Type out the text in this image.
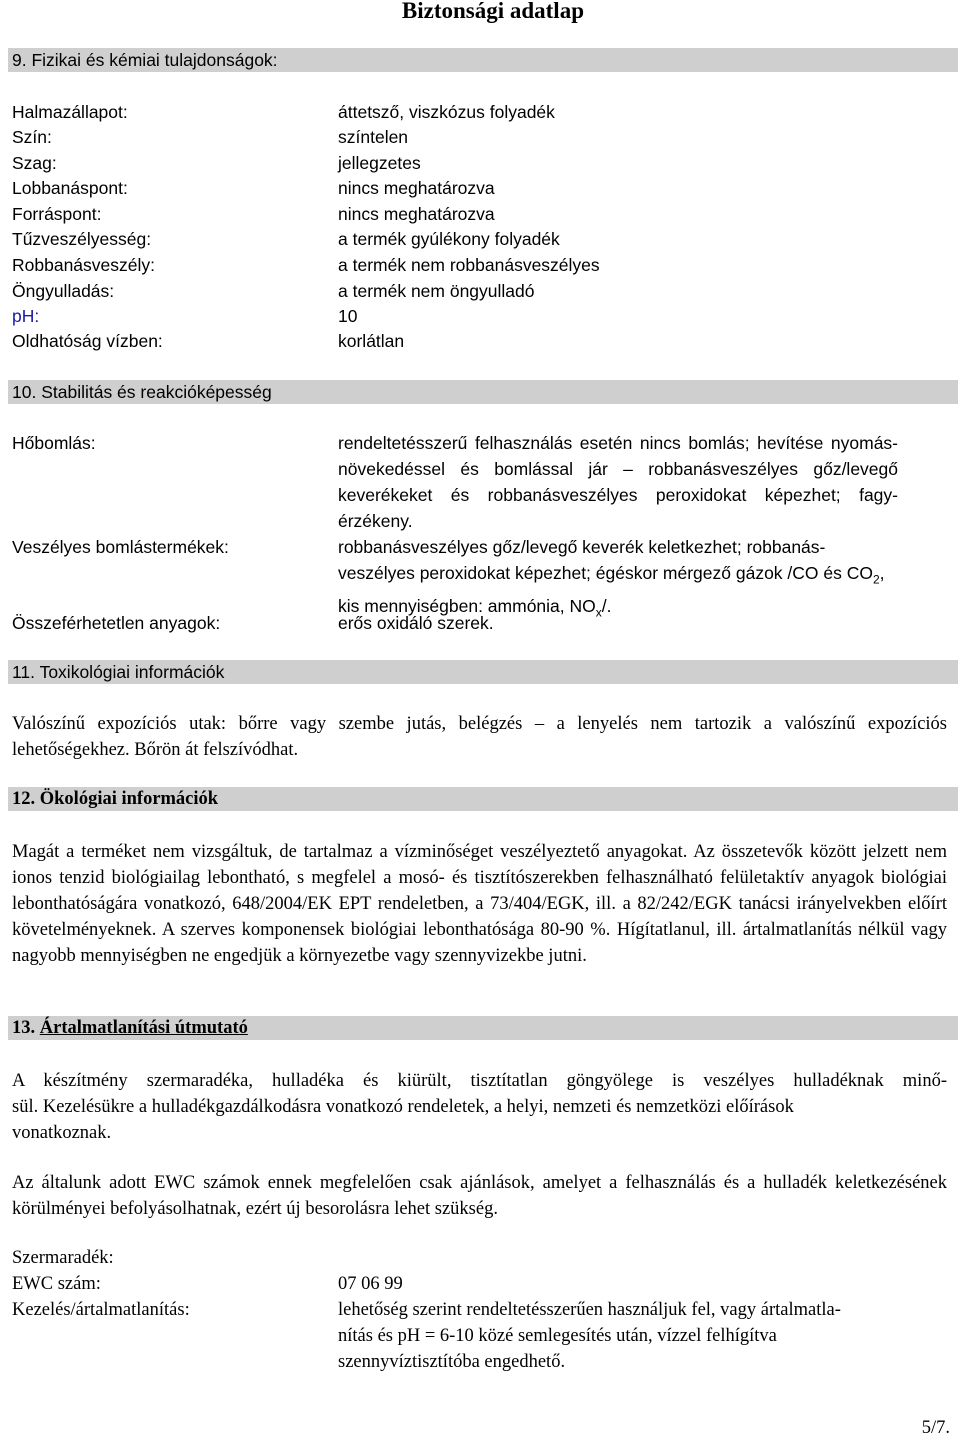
Biztonsági adatlap
9. Fizikai és kémiai tulajdonságok:
Halmazállapot:	áttetsző, viszkózus folyadék
Szín:	színtelen
Szag:	jellegzetes
Lobbanáspont:	nincs meghatározva
Forráspont:	nincs meghatározva
Tűzveszélyesség:	a termék gyúlékony folyadék
Robbanásveszély:	a termék nem robbanásveszélyes
Öngyulladás:	a termék nem öngyulladó
pH:	10
Oldhatóság vízben:	korlátlan
10. Stabilitás és reakcióképesség
Hőbomlás:	rendeltetésszerű felhasználás esetén nincs bomlás; hevítése nyomás-növekedéssel és bomlással jár – robbanásveszélyes gőz/levegő keverékeket és robbanásveszélyes peroxidokat képezhet; fagy-érzékeny.
Veszélyes bomlástermékek:	robbanásveszélyes gőz/levegő keverék keletkezhet; robbanás-veszélyes peroxidokat képezhet; égéskor mérgező gázok /CO és $CO_2$, kis mennyiségben: ammónia, $NO_x/$.
Összeférhetetlen anyagok:	erős oxidáló szerek.
11. Toxikológiai információk
Valószínű expozíciós utak: bőrre vagy szembe jutás, belégzés – a lenyelés nem tartozik a valószínű expozíciós lehetőségekhez. Bőrön át felszívódhat.
12. Ökológiai információk
Magát a terméket nem vizsgáltuk, de tartalmaz a vízminőséget veszélyeztető anyagokat. Az összetevők között jelzett nem ionos tenzid biológiailag lebontható, s megfelel a mosó- és tisztítószerekben felhasználható felületaktív anyagok biológiai lebonthatóságára vonatkozó, 648/2004/EK EPT rendeletben, a 73/404/EGK, ill. a 82/242/EGK tanácsi irányelvekben előírt követelményeknek. A szerves komponensek biológiai lebonthatósága 80-90 %. Hígítatlanul, ill. ártalmatlanítás nélkül vagy nagyobb mennyiségben ne engedjük a környezetbe vagy szennyvizekbe jutni.
13. Ártalmatlanítási útmutató
A készítmény szermaradéka, hulladéka és kiürült, tisztítatlan göngyölege is veszélyes hulladéknak minő-
sül. Kezelésükre a hulladékgazdálkodásra vonatkozó rendeletek, a helyi, nemzeti és nemzetközi előírások
vonatkoznak.
Az általunk adott EWC számok ennek megfelelően csak ajánlások, amelyet a felhasználás és a hulladék keletkezésének körülményei befolyásolhatnak, ezért új besorolásra lehet szükség.
Szermaradék:
EWC szám:	07 06 99
Kezelés/ártalmatlanítás:	lehetőség szerint rendeltetésszerűen használjuk fel, vagy ártalmatla-
nítás és pH = 6-10 közé semlegesítés után, vízzel felhígítva
szennyvíztisztítóba engedhető.
5/7.
